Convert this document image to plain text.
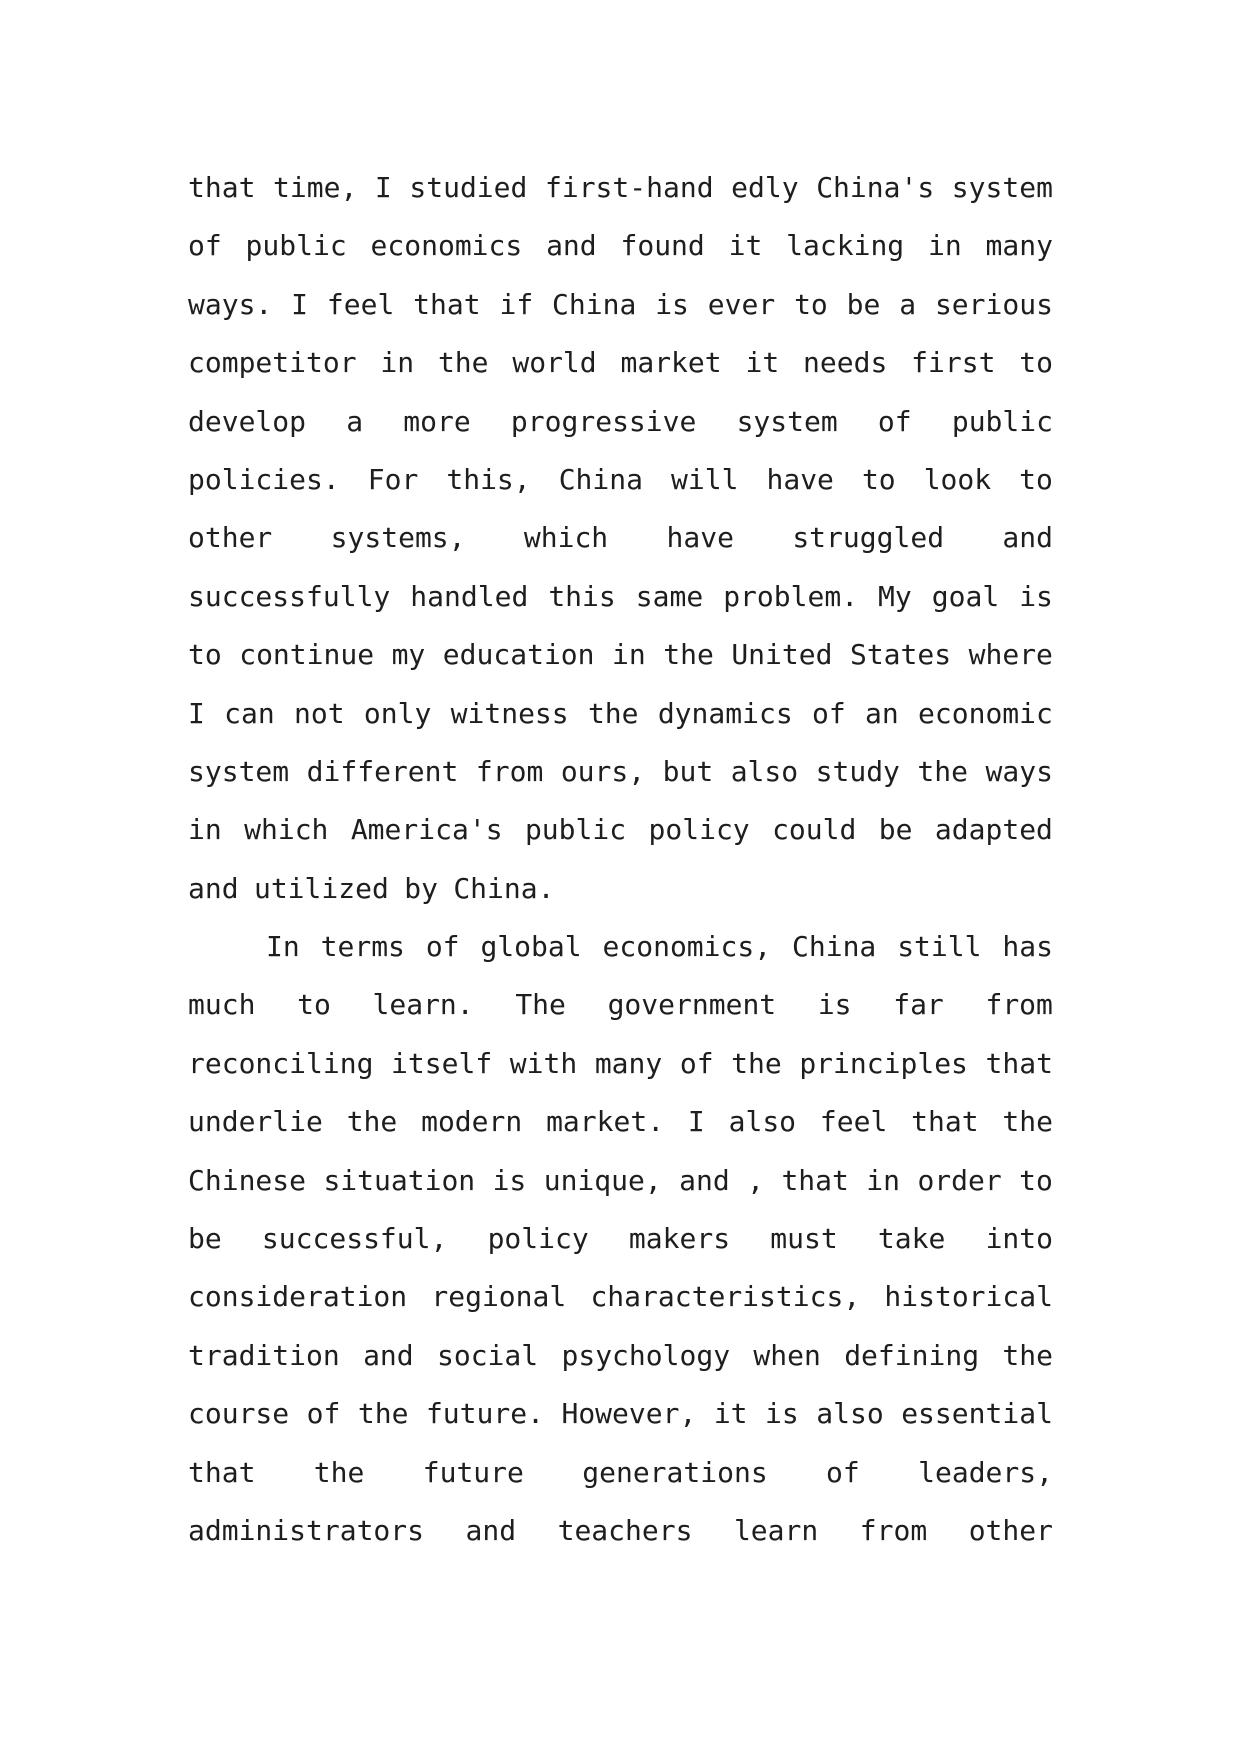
that time, I studied first-hand edly China's system
of public economics and found it lacking in many
ways. I feel that if China is ever to be a serious
competitor in the world market it needs first to
develop a more progressive system of public
policies. For this, China will have to look to
other systems, which have struggled and
successfully handled this same problem. My goal is
to continue my education in the United States where
I can not only witness the dynamics of an economic
system different from ours, but also study the ways
in which America's public policy could be adapted
and utilized by China.
In terms of global economics, China still has
much to learn. The government is far from
reconciling itself with many of the principles that
underlie the modern market. I also feel that the
Chinese situation is unique, and , that in order to
be successful, policy makers must take into
consideration regional characteristics, historical
tradition and social psychology when defining the
course of the future. However, it is also essential
that the future generations of leaders,
administrators and teachers learn from other
